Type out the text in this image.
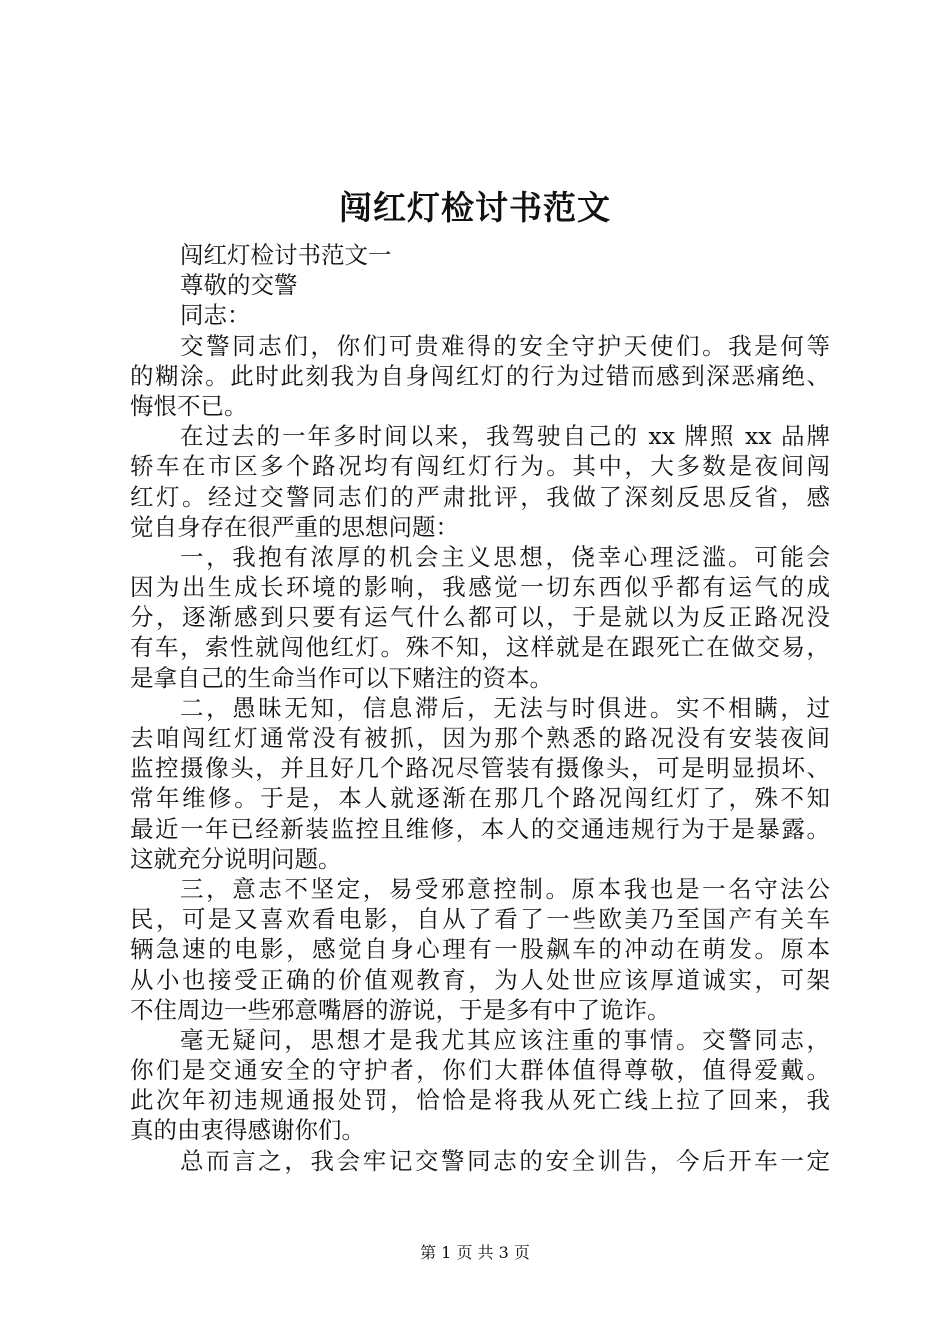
闯红灯检讨书范文
闯红灯检讨书范文一
尊敬的交警
同志：
交警同志们，你们可贵难得的安全守护天使们。我是何等
的糊涂。此时此刻我为自身闯红灯的行为过错而感到深恶痛绝、
悔恨不已。
在过去的一年多时间以来，我驾驶自己的 xx 牌照 xx 品牌
轿车在市区多个路况均有闯红灯行为。其中，大多数是夜间闯
红灯。经过交警同志们的严肃批评，我做了深刻反思反省，感
觉自身存在很严重的思想问题：
一，我抱有浓厚的机会主义思想，侥幸心理泛滥。可能会
因为出生成长环境的影响，我感觉一切东西似乎都有运气的成
分，逐渐感到只要有运气什么都可以，于是就以为反正路况没
有车，索性就闯他红灯。殊不知，这样就是在跟死亡在做交易，
是拿自己的生命当作可以下赌注的资本。
二，愚昧无知，信息滞后，无法与时俱进。实不相瞒，过
去咱闯红灯通常没有被抓，因为那个熟悉的路况没有安装夜间
监控摄像头，并且好几个路况尽管装有摄像头，可是明显损坏、
常年维修。于是，本人就逐渐在那几个路况闯红灯了，殊不知
最近一年已经新装监控且维修，本人的交通违规行为于是暴露。
这就充分说明问题。
三，意志不坚定，易受邪意控制。原本我也是一名守法公
民，可是又喜欢看电影，自从了看了一些欧美乃至国产有关车
辆急速的电影，感觉自身心理有一股飙车的冲动在萌发。原本
从小也接受正确的价值观教育，为人处世应该厚道诚实，可架
不住周边一些邪意嘴唇的游说，于是多有中了诡诈。
毫无疑问，思想才是我尤其应该注重的事情。交警同志，
你们是交通安全的守护者，你们大群体值得尊敬，值得爱戴。
此次年初违规通报处罚，恰恰是将我从死亡线上拉了回来，我
真的由衷得感谢你们。
总而言之，我会牢记交警同志的安全训告，今后开车一定
第 1 页 共 3 页
